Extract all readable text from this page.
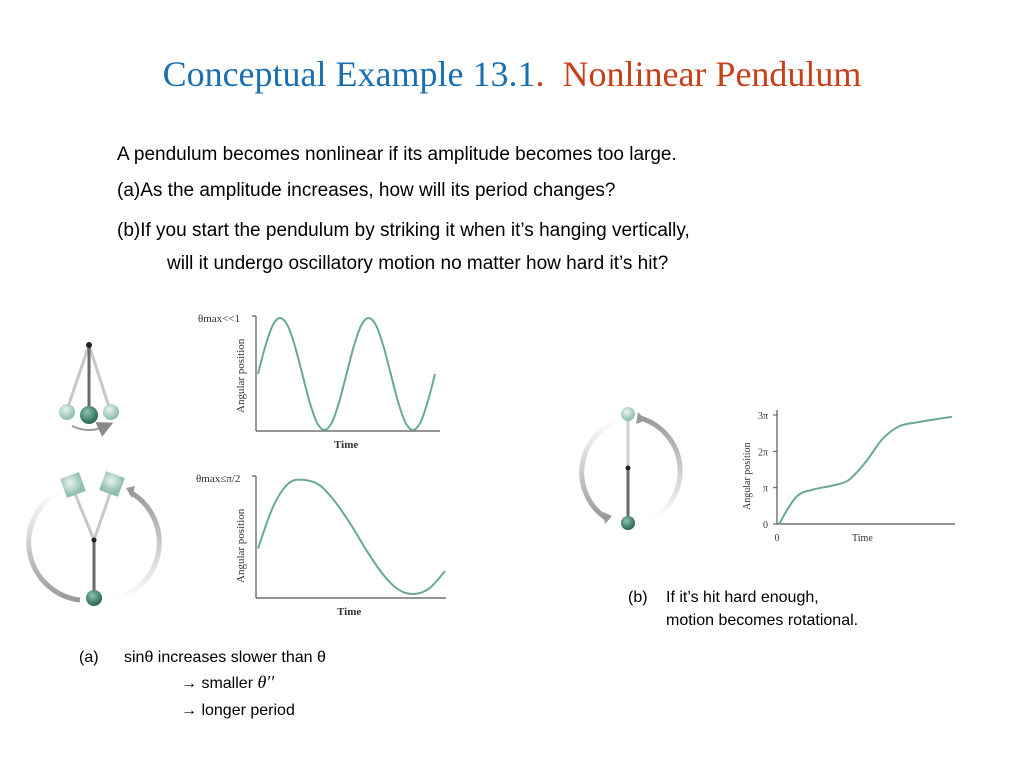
Conceptual Example 13.1. Nonlinear Pendulum
A pendulum becomes nonlinear if its amplitude becomes too large.
(a)As the amplitude increases, how will its period changes?
(b)If you start the pendulum by striking it when it’s hanging vertically,
will it undergo oscillatory motion no matter how hard it’s hit?
Angular position
Time
θmax<<1
Angular position
Time
θmax≤π/2
0
π
2π
3π
0
Angular position
Time
(a) sinθ increases slower than θ
→ smaller θ′′
→ longer period
(b) If it’s hit hard enough,
motion becomes rotational.
